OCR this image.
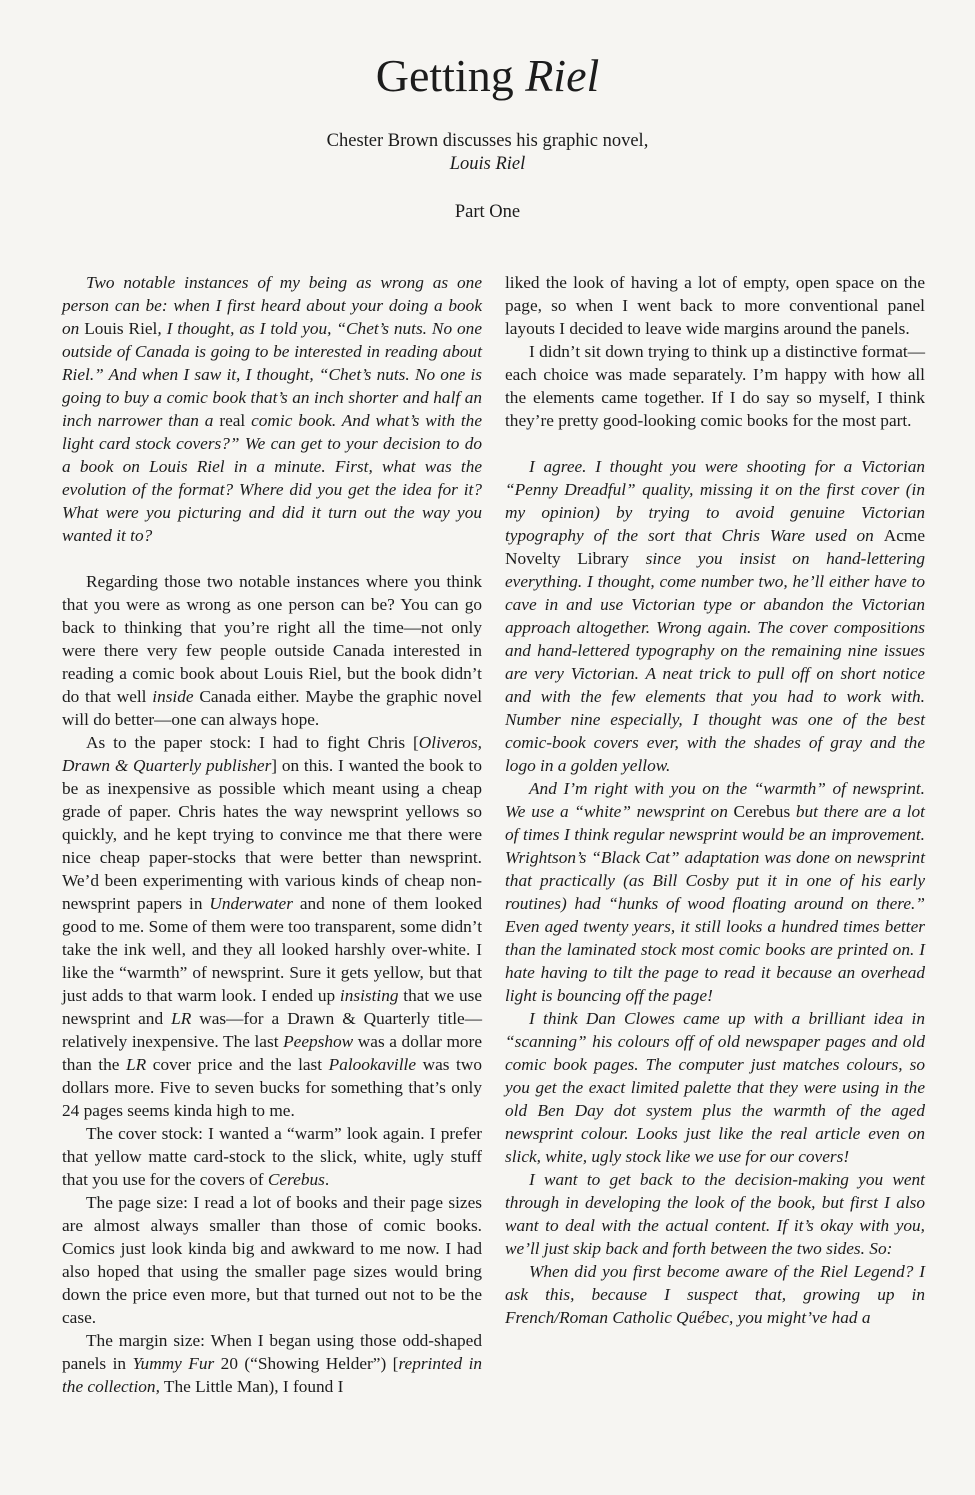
Getting Riel
Chester Brown discusses his graphic novel,
Louis Riel
Part One

Two notable instances of my being as wrong as one person can be: when I first heard about your doing a book on Louis Riel, I thought, as I told you, “Chet’s nuts. No one outside of Canada is going to be interested in reading about Riel.” And when I saw it, I thought, “Chet’s nuts. No one is going to buy a comic book that’s an inch shorter and half an inch narrower than a real comic book. And what’s with the light card stock covers?” We can get to your decision to do a book on Louis Riel in a minute. First, what was the evolution of the format? Where did you get the idea for it? What were you picturing and did it turn out the way you wanted it to?

Regarding those two notable instances where you think that you were as wrong as one person can be? You can go back to thinking that you’re right all the time—not only were there very few people outside Canada interested in reading a comic book about Louis Riel, but the book didn’t do that well inside Canada either. Maybe the graphic novel will do better—one can always hope.

As to the paper stock: I had to fight Chris [Oliveros, Drawn & Quarterly publisher] on this. I wanted the book to be as inexpensive as possible which meant using a cheap grade of paper. Chris hates the way newsprint yellows so quickly, and he kept trying to convince me that there were nice cheap paper-stocks that were better than newsprint. We’d been experimenting with various kinds of cheap non-newsprint papers in Underwater and none of them looked good to me. Some of them were too transparent, some didn’t take the ink well, and they all looked harshly over-white. I like the “warmth” of newsprint. Sure it gets yellow, but that just adds to that warm look. I ended up insisting that we use newsprint and LR was—for a Drawn & Quarterly title—relatively inexpensive. The last Peepshow was a dollar more than the LR cover price and the last Palookaville was two dollars more. Five to seven bucks for something that’s only 24 pages seems kinda high to me.

The cover stock: I wanted a “warm” look again. I prefer that yellow matte card-stock to the slick, white, ugly stuff that you use for the covers of Cerebus.

The page size: I read a lot of books and their page sizes are almost always smaller than those of comic books. Comics just look kinda big and awkward to me now. I had also hoped that using the smaller page sizes would bring down the price even more, but that turned out not to be the case.

The margin size: When I began using those odd-shaped panels in Yummy Fur 20 (“Showing Helder”) [reprinted in the collection, The Little Man), I found I

liked the look of having a lot of empty, open space on the page, so when I went back to more conventional panel layouts I decided to leave wide margins around the panels.

I didn’t sit down trying to think up a distinctive format—each choice was made separately. I’m happy with how all the elements came together. If I do say so myself, I think they’re pretty good-looking comic books for the most part.

I agree. I thought you were shooting for a Victorian “Penny Dreadful” quality, missing it on the first cover (in my opinion) by trying to avoid genuine Victorian typography of the sort that Chris Ware used on Acme Novelty Library since you insist on hand-lettering everything. I thought, come number two, he’ll either have to cave in and use Victorian type or abandon the Victorian approach altogether. Wrong again. The cover compositions and hand-lettered typography on the remaining nine issues are very Victorian. A neat trick to pull off on short notice and with the few elements that you had to work with. Number nine especially, I thought was one of the best comic-book covers ever, with the shades of gray and the logo in a golden yellow.

And I’m right with you on the “warmth” of newsprint. We use a “white” newsprint on Cerebus but there are a lot of times I think regular newsprint would be an improvement. Wrightson’s “Black Cat” adaptation was done on newsprint that practically (as Bill Cosby put it in one of his early routines) had “hunks of wood floating around on there.” Even aged twenty years, it still looks a hundred times better than the laminated stock most comic books are printed on. I hate having to tilt the page to read it because an overhead light is bouncing off the page!

I think Dan Clowes came up with a brilliant idea in “scanning” his colours off of old newspaper pages and old comic book pages. The computer just matches colours, so you get the exact limited palette that they were using in the old Ben Day dot system plus the warmth of the aged newsprint colour. Looks just like the real article even on slick, white, ugly stock like we use for our covers!

I want to get back to the decision-making you went through in developing the look of the book, but first I also want to deal with the actual content. If it’s okay with you, we’ll just skip back and forth between the two sides. So:

When did you first become aware of the Riel Legend? I ask this, because I suspect that, growing up in French/Roman Catholic Québec, you might’ve had a
